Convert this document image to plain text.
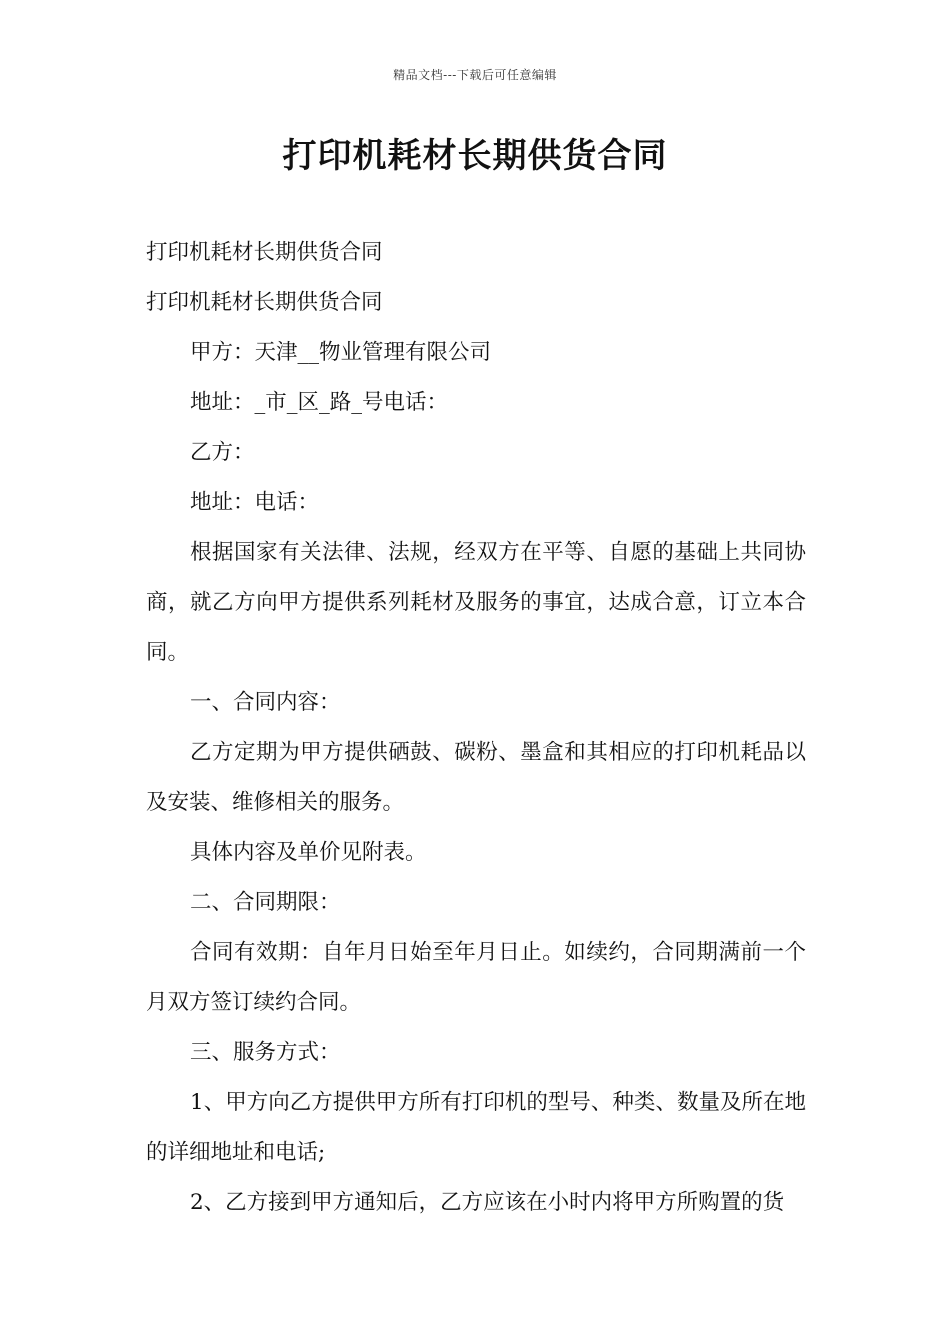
精品文档---下载后可任意编辑
打印机耗材长期供货合同

打印机耗材长期供货合同

打印机耗材长期供货合同

甲方：天津__物业管理有限公司

地址：_市_区_路_号电话：

乙方：

地址：电话：

根据国家有关法律、法规，经双方在平等、自愿的基础上共同协商，就乙方向甲方提供系列耗材及服务的事宜，达成合意，订立本合同。

一、合同内容：

乙方定期为甲方提供硒鼓、碳粉、墨盒和其相应的打印机耗品以及安装、维修相关的服务。

具体内容及单价见附表。

二、合同期限：

合同有效期：自年月日始至年月日止。如续约，合同期满前一个月双方签订续约合同。

三、服务方式：

1、甲方向乙方提供甲方所有打印机的型号、种类、数量及所在地的详细地址和电话;

2、乙方接到甲方通知后，乙方应该在小时内将甲方所购置的货
